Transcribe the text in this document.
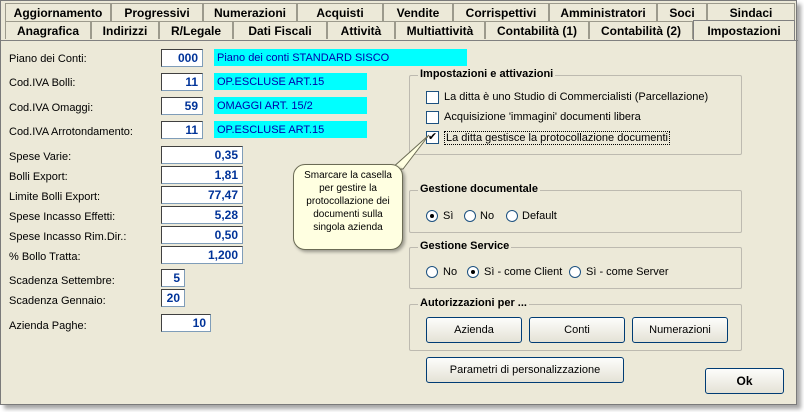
Aggiornamento	Progressivi	Numerazioni	Acquisti	Vendite	Corrispettivi	Amministratori	Soci	Sindaci
Anagrafica	Indirizzi	R/Legale	Dati Fiscali	Attività	Multiattività	Contabilità (1)	Contabilità (2)	Impostazioni
Piano dei Conti:	000	Piano dei conti STANDARD SISCO
Cod.IVA Bolli:	11	OP.ESCLUSE ART.15
Cod.IVA Omaggi:	59	OMAGGI ART. 15/2
Cod.IVA Arrotondamento:	11	OP.ESCLUSE ART.15
Spese Varie:	0,35
Bolli Export:	1,81
Limite Bolli Export:	77,47
Spese Incasso Effetti:	5,28
Spese Incasso Rim.Dir.:	0,50
% Bollo Tratta:	1,200
Scadenza Settembre:	5
Scadenza Gennaio:	20
Azienda Paghe:	10
Impostazioni e attivazioni
La ditta è uno Studio di Commercialisti (Parcellazione)
Acquisizione 'immagini' documenti libera
✔ La ditta gestisce la protocollazione documenti
Smarcare la casella per gestire la protocollazione dei documenti sulla singola azienda
Gestione documentale
Sì No	Default
Gestione Service
No Sì - come Client Sì - come Server
Autorizzazioni per ...
Azienda	Conti	Numerazioni
Parametri di personalizzazione
Ok
